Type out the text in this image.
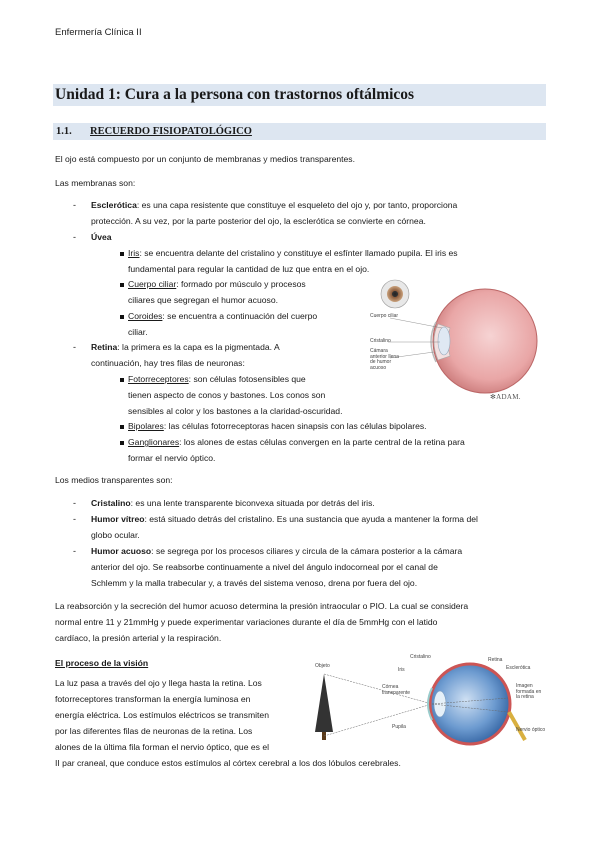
Enfermería Clínica II
Unidad 1: Cura a la persona con trastornos oftálmicos
1.1. RECUERDO FISIOPATOLÓGICO
El ojo está compuesto por un conjunto de membranas y medios transparentes.
Las membranas son:
- Esclerótica: es una capa resistente que constituye el esqueleto del ojo y, por tanto, proporciona
protección. A su vez, por la parte posterior del ojo, la esclerótica se convierte en córnea.
- Úvea
Iris: se encuentra delante del cristalino y constituye el esfínter llamado pupila. El iris es
fundamental para regular la cantidad de luz que entra en el ojo.
Cuerpo ciliar: formado por músculo y procesos
ciliares que segregan el humor acuoso.
Coroides: se encuentra a continuación del cuerpo
ciliar.
- Retina: la primera es la capa es la pigmentada. A
continuación, hay tres filas de neuronas:
Fotorreceptores: son células fotosensibles que
tienen aspecto de conos y bastones. Los conos son
sensibles al color y los bastones a la claridad-oscuridad.
Bipolares: las células fotorreceptoras hacen sinapsis con las células bipolares.
Ganglionares: los alones de estas células convergen en la parte central de la retina para
formar el nervio óptico.
Cuerpo ciliar
Cristalino
Cámara anterior llena de humor acuoso
✻ADAM.
Los medios transparentes son:
- Cristalino: es una lente transparente biconvexa situada por detrás del iris.
- Humor vítreo: está situado detrás del cristalino. Es una sustancia que ayuda a mantener la forma del
globo ocular.
- Humor acuoso: se segrega por los procesos ciliares y circula de la cámara posterior a la cámara
anterior del ojo. Se reabsorbe continuamente a nivel del ángulo indocorneal por el canal de
Schlemm y la malla trabecular y, a través del sistema venoso, drena por fuera del ojo.
La reabsorción y la secreción del humor acuoso determina la presión intraocular o PIO. La cual se considera
normal entre 11 y 21mmHg y puede experimentar variaciones durante el día de 5mmHg con el latido
cardíaco, la presión arterial y la respiración.
El proceso de la visión
La luz pasa a través del ojo y llega hasta la retina. Los
fotorreceptores transforman la energía luminosa en
energía eléctrica. Los estímulos eléctricos se transmiten
por las diferentes filas de neuronas de la retina. Los
alones de la última fila forman el nervio óptico, que es el
II par craneal, que conduce estos estímulos al córtex cerebral a los dos lóbulos cerebrales.
Objeto
Cristalino
Iris
Córnea transparente
Pupila
Retina
Esclerótica
Imagen formada en la retina
Nervio óptico
